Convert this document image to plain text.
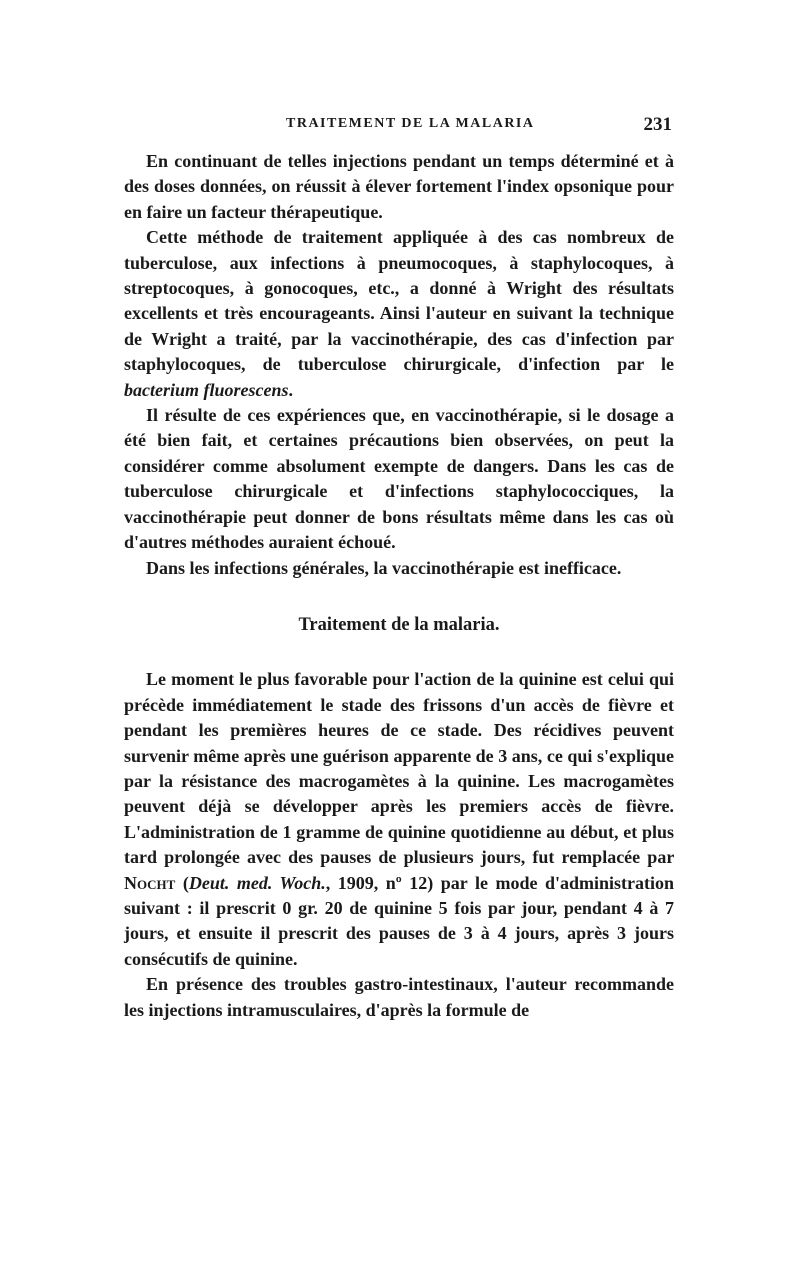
TRAITEMENT DE LA MALARIA	231

En continuant de telles injections pendant un temps déterminé et à des doses données, on réussit à élever fortement l'index opsonique pour en faire un facteur thérapeutique.

Cette méthode de traitement appliquée à des cas nombreux de tuberculose, aux infections à pneumocoques, à staphylocoques, à streptocoques, à gonocoques, etc., a donné à Wright des résultats excellents et très encourageants. Ainsi l'auteur en suivant la technique de Wright a traité, par la vaccinothérapie, des cas d'infection par staphylocoques, de tuberculose chirurgicale, d'infection par le bacterium fluorescens.

Il résulte de ces expériences que, en vaccinothérapie, si le dosage a été bien fait, et certaines précautions bien observées, on peut la considérer comme absolument exempte de dangers. Dans les cas de tuberculose chirurgicale et d'infections staphylococciques, la vaccinothérapie peut donner de bons résultats même dans les cas où d'autres méthodes auraient échoué.

Dans les infections générales, la vaccinothérapie est inefficace.

Traitement de la malaria.

Le moment le plus favorable pour l'action de la quinine est celui qui précède immédiatement le stade des frissons d'un accès de fièvre et pendant les premières heures de ce stade. Des récidives peuvent survenir même après une guérison apparente de 3 ans, ce qui s'explique par la résistance des macrogamètes à la quinine. Les macrogamètes peuvent déjà se développer après les premiers accès de fièvre. L'administration de 1 gramme de quinine quotidienne au début, et plus tard prolongée avec des pauses de plusieurs jours, fut remplacée par Nocht (Deut. med. Woch., 1909, nº 12) par le mode d'administration suivant : il prescrit 0 gr. 20 de quinine 5 fois par jour, pendant 4 à 7 jours, et ensuite il prescrit des pauses de 3 à 4 jours, après 3 jours consécutifs de quinine.

En présence des troubles gastro-intestinaux, l'auteur recommande les injections intramusculaires, d'après la formule de
